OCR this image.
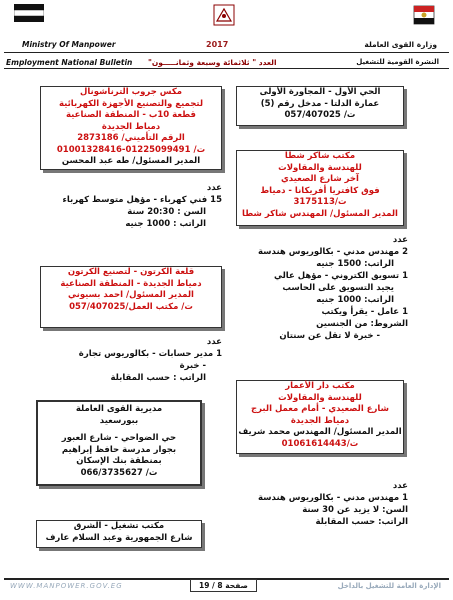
Ministry Of Manpower	2017	وزارة القوى العاملة
Employment National Bulletin العدد " ثلاثمائة وسبعة وثمانـــــون"	النشرة القومية للتشغيل
مكس جروب الترناشونال
لتجميع والتصنيع الأجهزة الكهربائية
قطعة 10ب - المنطقة الصناعية
دمياط الجديدة
الرقم التأميني/ 2873186
ت/ 01225099491-01001328416
المدير المسئول/ طه عبد المحسن
الحي الأول - المجاورة الأولى
عمارة الدلتا - مدخل رقم (5)
ت/ 057/407025
مكتب شاكر شطا
للهندسة والمقاولات
آخر شارع الصعيدي
فوق كافتريا أفريكانا - دمياط
ت/3175113
المدير المسئول/ المهندس شاكر شطا
عدد
15 فني كهرباء - مؤهل متوسط كهرباء
السن : 20:30 سنة
الراتب : 1000 جنيه
عدد
2 مهندس مدني - بكالوريوس هندسة
الراتب: 1500 جنيه
1 تسويق الكتروني - مؤهل عالي
يجيد التسويق على الحاسب
الراتب: 1000 جنيه
1 عامل - يقرأ ويكتب
الشروط: من الجنسين
- خبرة لا تقل عن سنتان
قلعة الكرتون - لتصنيع الكرتون
دمياط الجديدة - المنطقة الصناعية
المدير المسئول/ احمد بسيوني
ت/ مكتب العمل/057/407025
عدد
1 مدير حسابات - بكالوريوس تجارة
- خبرة
الراتب : حسب المقابلة
مكتب دار الأعمار
للهندسة والمقاولات
شارع الصعيدي - أمام معمل البرج
دمياط الجديدة
المدير المسئول/ المهندس محمد شريف
ت/01061614443
مديرية القوى العاملة
ببورسعيد
حي الضواحي - شارع العبور
بجوار مدرسة حافظ إبراهيم
بمنطقة بنك الإسكان
ت/ 066/3735627
عدد
1 مهندس مدني - بكالوريوس هندسة
السن: لا يزيد عن 30 سنة
الراتب: حسب المقابلة
مكتب تشغيل - الشرق
شارع الجمهورية وعبد السلام عارف
WWW.MANPOWER.GOV.EG	صفحة 8 / 19	الإدارة العامة للتشغيل بالداخل
